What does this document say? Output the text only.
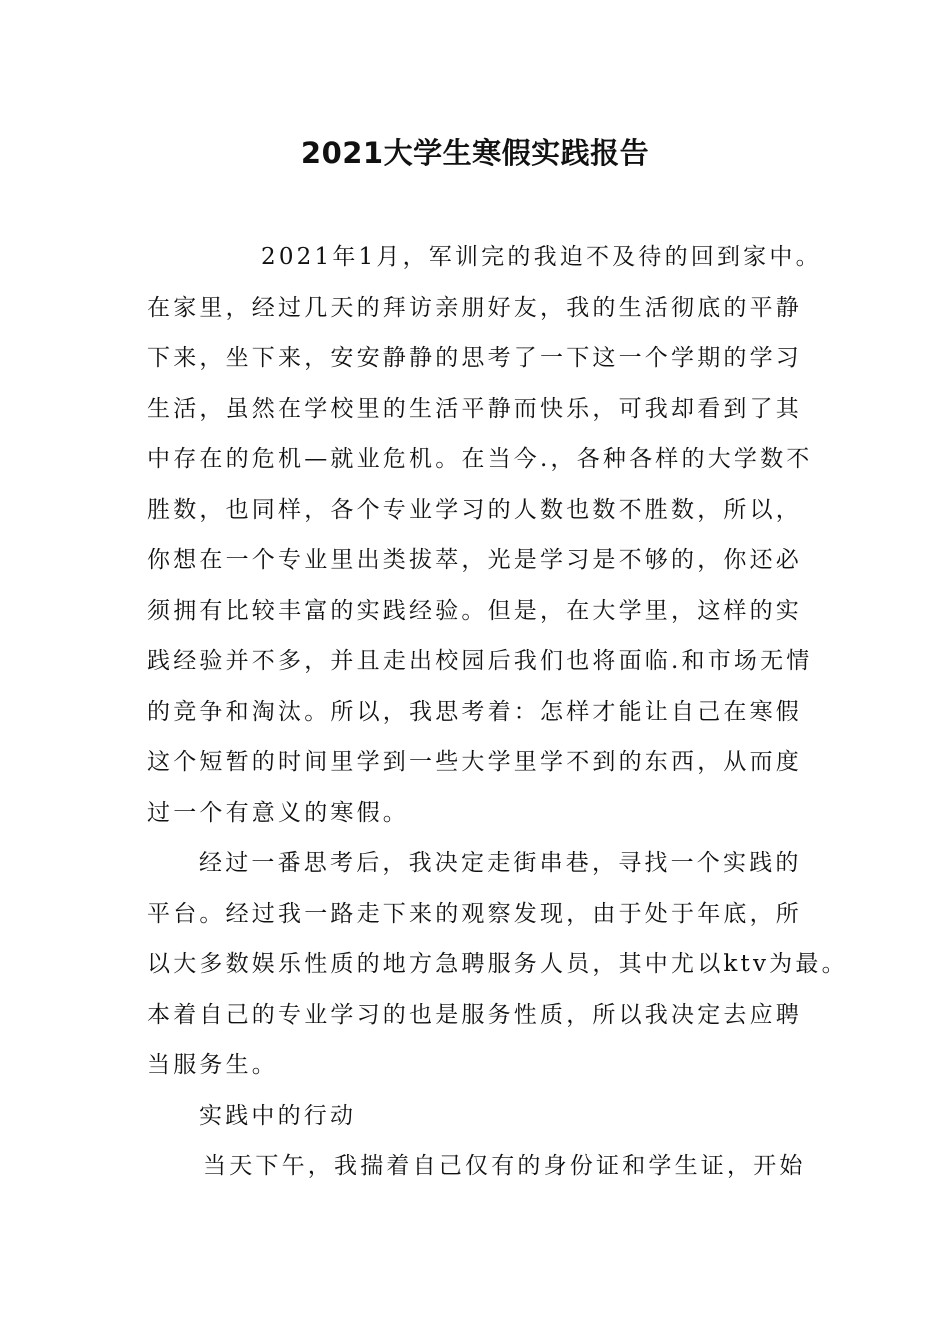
2021大学生寒假实践报告
2021年1月，军训完的我迫不及待的回到家中。
在家里，经过几天的拜访亲朋好友，我的生活彻底的平静
下来，坐下来，安安静静的思考了一下这一个学期的学习
生活，虽然在学校里的生活平静而快乐，可我却看到了其
中存在的危机—就业危机。在当今.，各种各样的大学数不
胜数，也同样，各个专业学习的人数也数不胜数，所以，
你想在一个专业里出类拔萃，光是学习是不够的，你还必
须拥有比较丰富的实践经验。但是，在大学里，这样的实
践经验并不多，并且走出校园后我们也将面临.和市场无情
的竞争和淘汰。所以，我思考着：怎样才能让自己在寒假
这个短暂的时间里学到一些大学里学不到的东西，从而度
过一个有意义的寒假。
经过一番思考后，我决定走街串巷，寻找一个实践的
平台。经过我一路走下来的观察发现，由于处于年底，所
以大多数娱乐性质的地方急聘服务人员，其中尤以ktv为最。
本着自己的专业学习的也是服务性质，所以我决定去应聘
当服务生。
实践中的行动
当天下午，我揣着自己仅有的身份证和学生证，开始
